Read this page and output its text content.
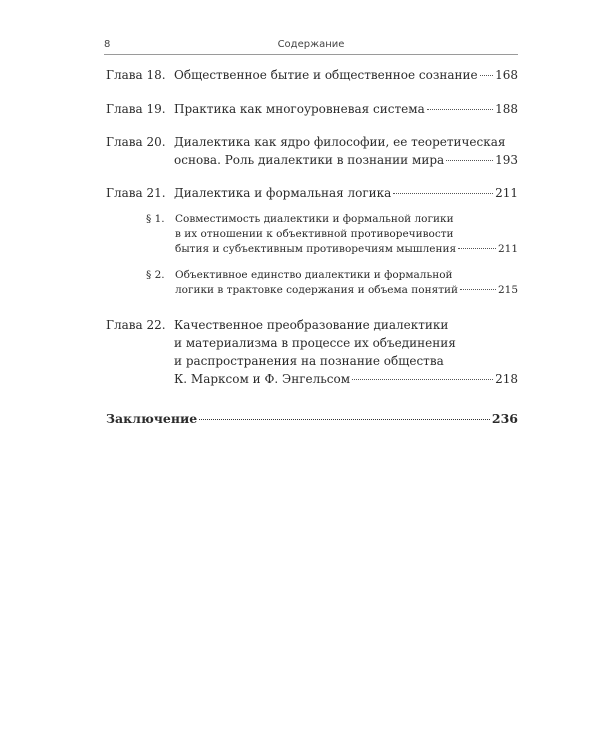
8	Содержание
Глава 18. Общественное бытие и общественное сознание 168
Глава 19. Практика как многоуровневая система	188
Глава 20. Диалектика как ядро философии, ее теоретическая
основа. Роль диалектики в познании мира	193
Глава 21. Диалектика и формальная логика	211
§ 1. Совместимость диалектики и формальной логики
в их отношении к объективной противоречивости
бытия и субъективным противоречиям мышления	211
§ 2. Объективное единство диалектики и формальной
логики в трактовке содержания и объема понятий	215
Глава 22. Качественное преобразование диалектики
и материализма в процессе их объединения
и распространения на познание общества
К. Марксом и Ф. Энгельсом	218
Заключение	236
